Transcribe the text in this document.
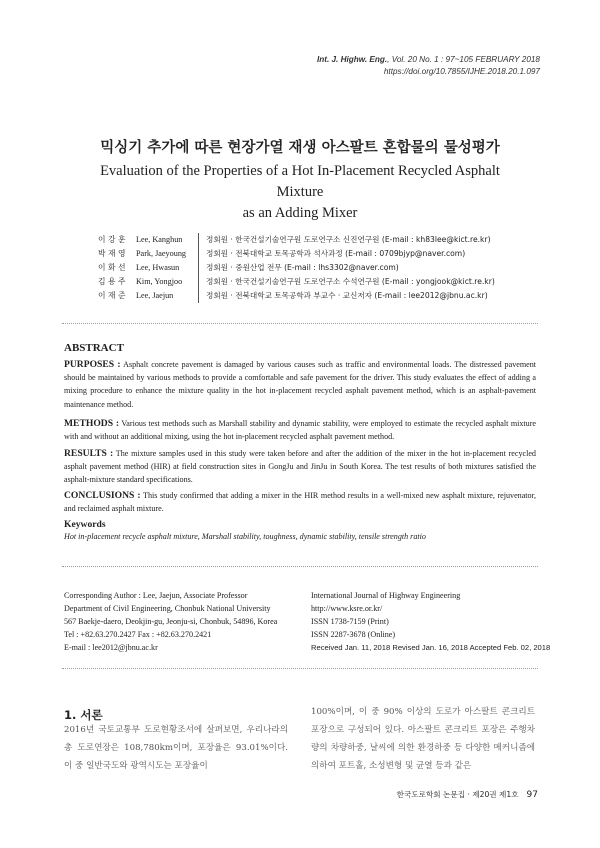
Int. J. Highw. Eng., Vol. 20 No. 1 : 97~105 FEBRUARY 2018
https://doi.org/10.7855/IJHE.2018.20.1.097
믹싱기 추가에 따른 현장가열 재생 아스팔트 혼합물의 물성평가
Evaluation of the Properties of a Hot In-Placement Recycled Asphalt Mixture
as an Adding Mixer
이 강 훈	Lee, Kanghun	정회원 · 한국건설기술연구원 도로연구소 신진연구원 (E-mail : kh83lee@kict.re.kr)
박 재 영	Park, Jaeyoung	정회원 · 전북대학교 토목공학과 석사과정 (E-mail : 0709bjyp@naver.com)
이 화 선	Lee, Hwasun	정회원 · 중원산업 전무 (E-mail : lhs3302@naver.com)
김 용 주	Kim, Yongjoo	정회원 · 한국건설기술연구원 도로연구소 수석연구원 (E-mail : yongjook@kict.re.kr)
이 재 준	Lee, Jaejun	정회원 · 전북대학교 토목공학과 부교수 · 교신저자 (E-mail : lee2012@jbnu.ac.kr)
ABSTRACT
PURPOSES : Asphalt concrete pavement is damaged by various causes such as traffic and environmental loads. The distressed pavement should be maintained by various methods to provide a comfortable and safe pavement for the driver. This study evaluates the effect of adding a mixing procedure to enhance the mixture quality in the hot in-placement recycled asphalt pavement method, which is an asphalt-pavement maintenance method.
METHODS : Various test methods such as Marshall stability and dynamic stability, were employed to estimate the recycled asphalt mixture with and without an additional mixing, using the hot in-placement recycled asphalt pavement method.
RESULTS : The mixture samples used in this study were taken before and after the addition of the mixer in the hot in-placement recycled asphalt pavement method (HIR) at field construction sites in GongJu and JinJu in South Korea. The test results of both mixtures satisfied the asphalt-mixture standard specifications.
CONCLUSIONS : This study confirmed that adding a mixer in the HIR method results in a well-mixed new asphalt mixture, rejuvenator, and reclaimed asphalt mixture.
Keywords
Hot in-placement recycle asphalt mixture, Marshall stability, toughness, dynamic stability, tensile strength ratio
Corresponding Author : Lee, Jaejun, Associate Professor
Department of Civil Engineering, Chonbuk National University
567 Baekje-daero, Deokjin-gu, Jeonju-si, Chonbuk, 54896, Korea
Tel : +82.63.270.2427 Fax : +82.63.270.2421
E-mail : lee2012@jbnu.ac.kr
International Journal of Highway Engineering
http://www.ksre.or.kr/
ISSN 1738-7159 (Print)
ISSN 2287-3678 (Online)
Received Jan. 11, 2018 Revised Jan. 16, 2018 Accepted Feb. 02, 2018
1. 서론
2016년 국토교통부 도로현황조서에 살펴보면, 우리나라의 총 도로연장은 108,780km이며, 포장율은 93.01%이다. 이 중 일반국도와 광역시도는 포장율이
100%이며, 이 중 90% 이상의 도로가 아스팔트 콘크리트 포장으로 구성되어 있다. 아스팔트 콘크리트 포장은 주행차량의 차량하중, 날씨에 의한 환경하중 등 다양한 메커니즘에 의하여 포트홀, 소성변형 및 균열 등과 같은
한국도로학회 논문집 · 제20권 제1호 97
